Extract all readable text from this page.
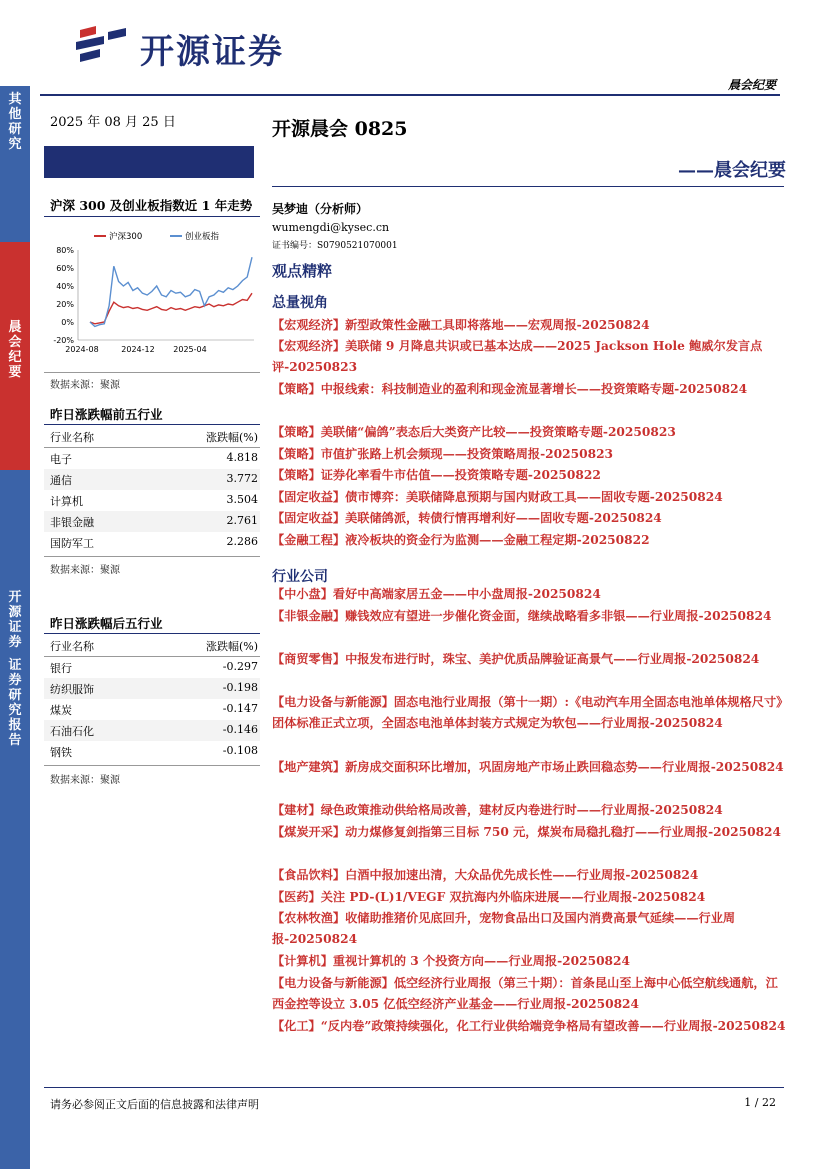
开源证券
晨会纪要
其
他
研
究
晨
会
纪
要
开
源
证
券
证
券
研
究
报
告
2025 年 08 月 25 日
沪深 300 及创业板指数近 1 年走势
80%
60%
40%
20%
0%
-20%
2024-08	2024-12 2025-04
沪深300	创业板指
数据来源：聚源
昨日涨跌幅前五行业
行业名称	涨跌幅(%)
电子	4.818
通信	3.772
计算机	3.504
非银金融	2.761
国防军工	2.286
数据来源：聚源
昨日涨跌幅后五行业
行业名称	涨跌幅(%)
银行	-0.297
纺织服饰	-0.198
煤炭	-0.147
石油石化	-0.146
钢铁	-0.108
数据来源：聚源
开源晨会 0825
——晨会纪要
吴梦迪（分析师）
wumengdi@kysec.cn
证书编号：S0790521070001
观点精粹
总量视角
【宏观经济】新型政策性金融工具即将落地——宏观周报-20250824
【宏观经济】美联储 9 月降息共识或已基本达成——2025 Jackson Hole 鲍威尔发言点评-20250823
【策略】中报线索：科技制造业的盈利和现金流显著增长——投资策略专题-20250824
【策略】美联储“偏鸽”表态后大类资产比较——投资策略专题-20250823
【策略】市值扩张路上机会频现——投资策略周报-20250823
【策略】证券化率看牛市估值——投资策略专题-20250822
【固定收益】债市博弈：美联储降息预期与国内财政工具——固收专题-20250824
【固定收益】美联储鸽派，转债行情再增利好——固收专题-20250824
【金融工程】液冷板块的资金行为监测——金融工程定期-20250822
行业公司
【中小盘】看好中高端家居五金——中小盘周报-20250824
【非银金融】赚钱效应有望进一步催化资金面，继续战略看多非银——行业周报-20250824
【商贸零售】中报发布进行时，珠宝、美护优质品牌验证高景气——行业周报-20250824
【电力设备与新能源】固态电池行业周报（第十一期）:《电动汽车用全固态电池单体规格尺寸》团体标准正式立项，全固态电池单体封装方式规定为软包——行业周报-20250824
【地产建筑】新房成交面积环比增加，巩固房地产市场止跌回稳态势——行业周报-20250824
【建材】绿色政策推动供给格局改善，建材反内卷进行时——行业周报-20250824
【煤炭开采】动力煤修复剑指第三目标 750 元，煤炭布局稳扎稳打——行业周报-20250824
【食品饮料】白酒中报加速出清，大众品优先成长性——行业周报-20250824
【医药】关注 PD-(L)1/VEGF 双抗海内外临床进展——行业周报-20250824
【农林牧渔】收储助推猪价见底回升，宠物食品出口及国内消费高景气延续——行业周报-20250824
【计算机】重视计算机的 3 个投资方向——行业周报-20250824
【电力设备与新能源】低空经济行业周报（第三十期）：首条昆山至上海中心低空航线通航，江西金控等设立 3.05 亿低空经济产业基金——行业周报-20250824
【化工】“反内卷”政策持续强化，化工行业供给端竞争格局有望改善——行业周报-20250824
请务必参阅正文后面的信息披露和法律声明	1 / 22
